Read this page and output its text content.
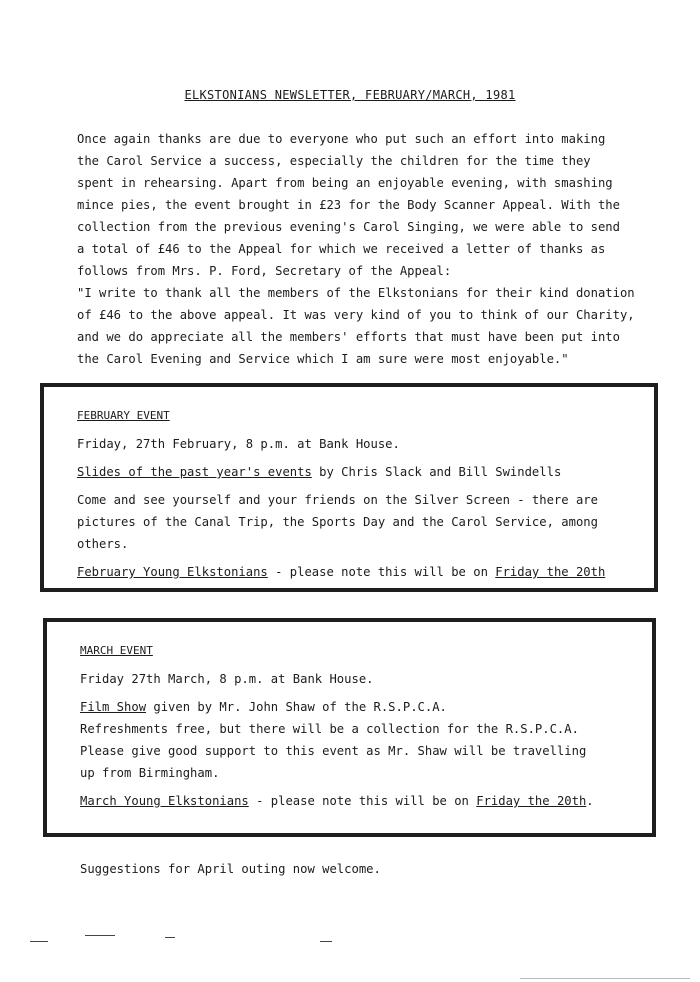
ELKSTONIANS NEWSLETTER, FEBRUARY/MARCH, 1981
Once again thanks are due to everyone who put such an effort into making
the Carol Service a success, especially the children for the time they
spent in rehearsing. Apart from being an enjoyable evening, with smashing
mince pies, the event brought in £23 for the Body Scanner Appeal. With the
collection from the previous evening's Carol Singing, we were able to send
a total of £46 to the Appeal for which we received a letter of thanks as
follows from Mrs. P. Ford, Secretary of the Appeal:
"I write to thank all the members of the Elkstonians for their kind donation
of £46 to the above appeal. It was very kind of you to think of our Charity,
and we do appreciate all the members' efforts that must have been put into
the Carol Evening and Service which I am sure were most enjoyable."
FEBRUARY EVENT
Friday, 27th February, 8 p.m. at Bank House.
Slides of the past year's events by Chris Slack and Bill Swindells
Come and see yourself and your friends on the Silver Screen - there are
pictures of the Canal Trip, the Sports Day and the Carol Service, among
others.
February Young Elkstonians - please note this will be on Friday the 20th
MARCH EVENT
Friday 27th March, 8 p.m. at Bank House.
Film Show given by Mr. John Shaw of the R.S.P.C.A.
Refreshments free, but there will be a collection for the R.S.P.C.A.
Please give good support to this event as Mr. Shaw will be travelling
up from Birmingham.
March Young Elkstonians - please note this will be on Friday the 20th.
Suggestions for April outing now welcome.
